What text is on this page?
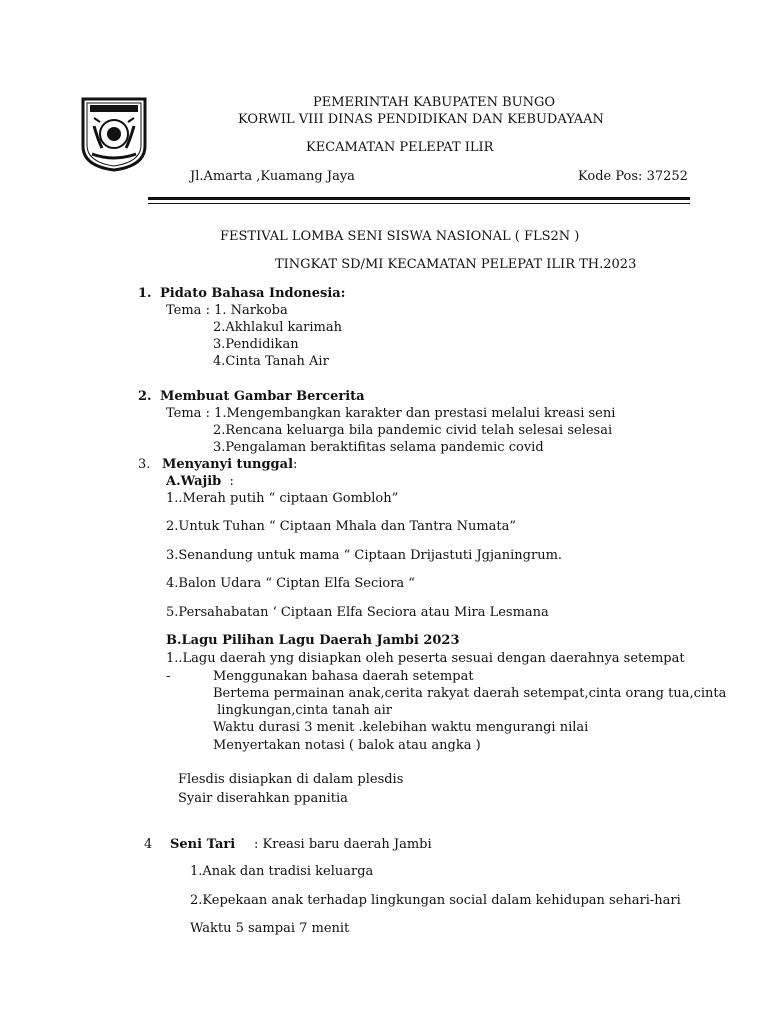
PEMERINTAH KABUPATEN BUNGO
KORWIL VIII DINAS PENDIDIKAN DAN KEBUDAYAAN
KECAMATAN PELEPAT ILIR
Jl.Amarta ,Kuamang Jaya	Kode Pos: 37252
FESTIVAL LOMBA SENI SISWA NASIONAL ( FLS2N )
TINGKAT SD/MI KECAMATAN PELEPAT ILIR TH.2023
1. Pidato Bahasa Indonesia:
Tema : 1. Narkoba
2.Akhlakul karimah
3.Pendidikan
4.Cinta Tanah Air
2. Membuat Gambar Bercerita
Tema : 1.Mengembangkan karakter dan prestasi melalui kreasi seni
2.Rencana keluarga bila pandemic civid telah selesai selesai
3.Pengalaman beraktifitas selama pandemic covid
3. Menyanyi tunggal:
A.Wajib  :
1..Merah putih “ ciptaan Gombloh”
2.Untuk Tuhan “ Ciptaan Mhala dan Tantra Numata”
3.Senandung untuk mama “ Ciptaan Drijastuti Jgjaningrum.
4.Balon Udara “ Ciptan Elfa Seciora “
5.Persahabatan ‘ Ciptaan Elfa Seciora atau Mira Lesmana
B.Lagu Pilihan Lagu Daerah Jambi 2023
1..Lagu daerah yng disiapkan oleh peserta sesuai dengan daerahnya setempat
-	Menggunakan bahasa daerah setempat
Bertema permainan anak,cerita rakyat daerah setempat,cinta orang tua,cinta
lingkungan,cinta tanah air
Waktu durasi 3 menit .kelebihan waktu mengurangi nilai
Menyertakan notasi ( balok atau angka )
Flesdis disiapkan di dalam plesdis
Syair diserahkan ppanitia
4 Seni Tari : Kreasi baru daerah Jambi
1.Anak dan tradisi keluarga
2.Kepekaan anak terhadap lingkungan social dalam kehidupan sehari-hari
Waktu 5 sampai 7 menit
